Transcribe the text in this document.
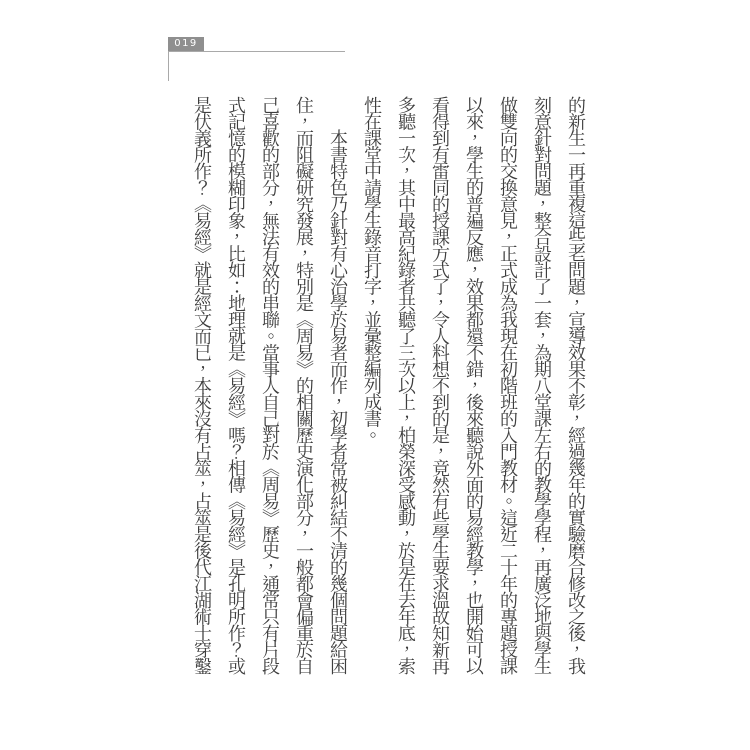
019
的新生一再重複這些老問題，宣導效果不彰，經過幾年的實驗磨合修改之後，我
刻意針對問題，整合設計了一套，為期八堂課左右的教學學程，再廣泛地與學生
做雙向的交換意見，正式成為我現在初階班的入門教材。這近二十年的專題授課
以來，學生的普遍反應，效果都還不錯，後來聽說外面的易經教學，也開始可以
看得到有雷同的授課方式了，令人料想不到的是，竟然有些學生要求溫故知新再
多聽一次，其中最高紀錄者共聽了三次以上，柏榮深受感動，於是在去年底，索
性在課堂中請學生錄音打字，並彙整編列成書。
本書特色乃針對有心治學於易者而作，初學者常被糾結不清的幾個問題給困
住，而阻礙研究發展，特別是《周易》的相關歷史演化部分，一般都會偏重於自
己喜歡的部分，無法有效的串聯。當事人自己對於《周易》歷史，通常只有片段
式記憶的模糊印象，比如：地理就是《易經》嗎？相傳《易經》是孔明所作？或
是伏義所作？《易經》就是經文而已，本來沒有占筮，占筮是後代江湖術士穿鑿
